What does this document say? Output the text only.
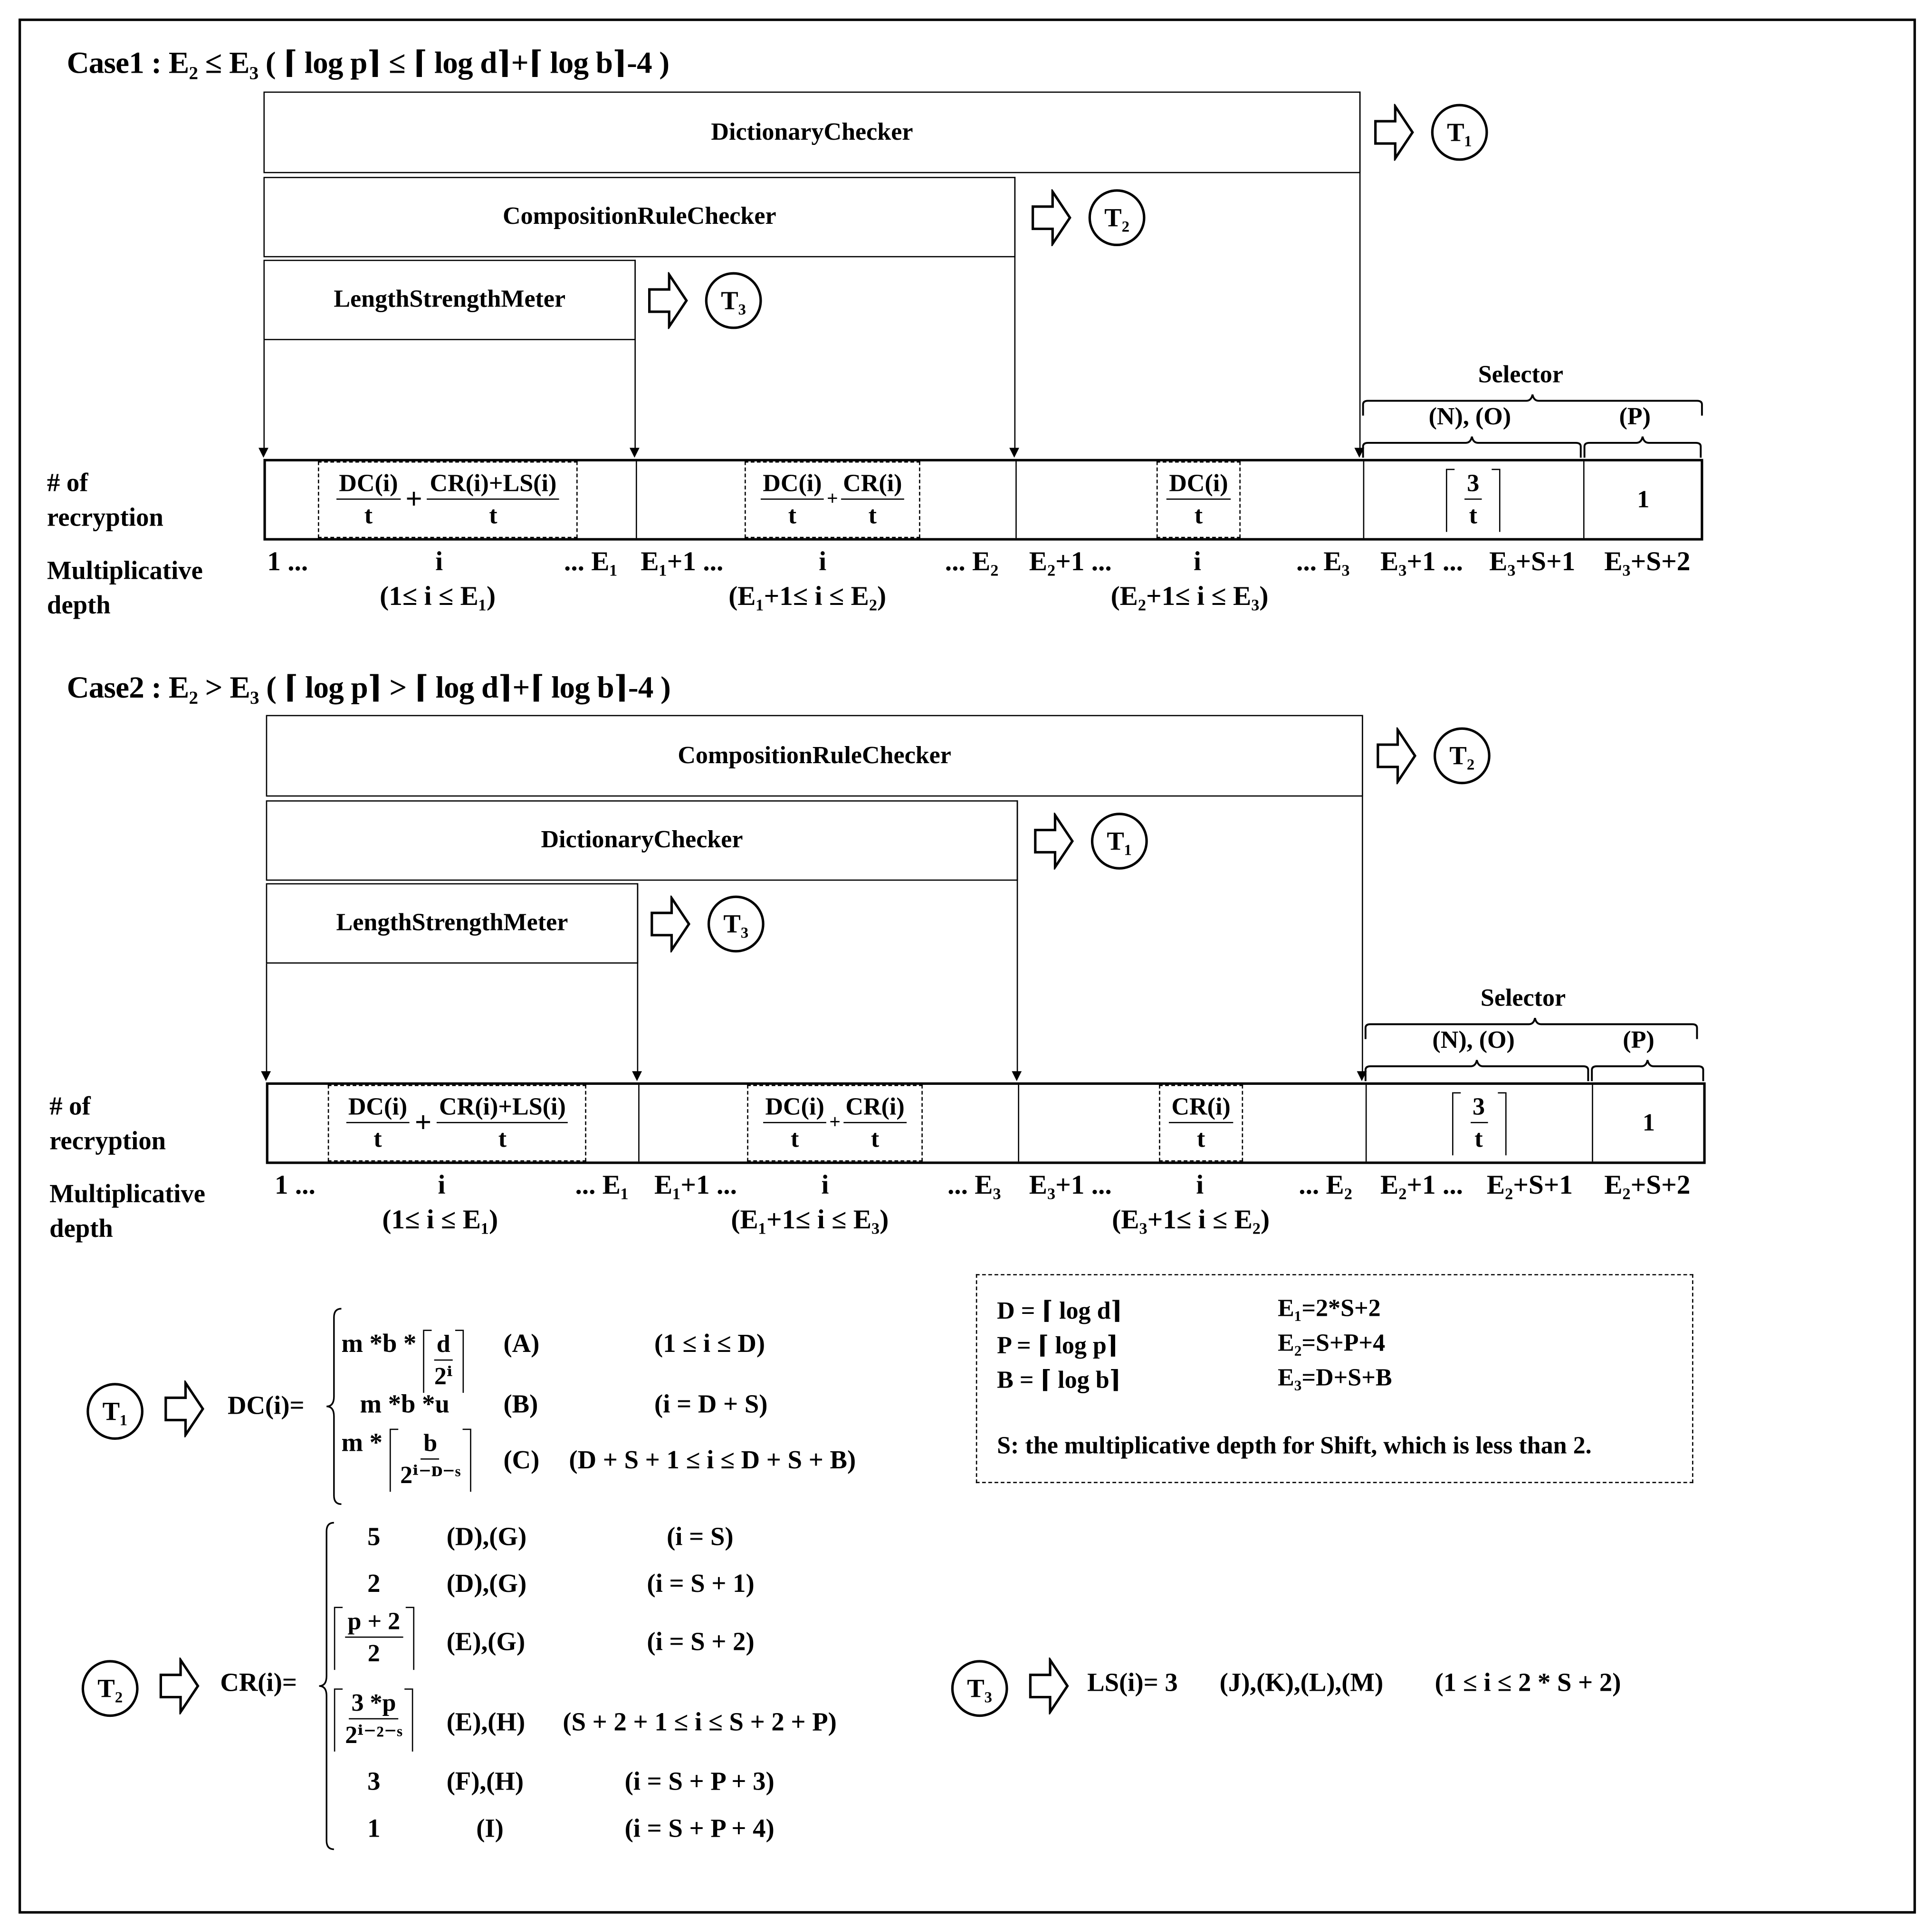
Case1 : E₂ ≤ E₃ ( ⌈ log p⌉ ≤ ⌈ log d⌉+⌈ log b⌉-4 )
DictionaryChecker
CompositionRuleChecker
LengthStrengthMeter
T₁
T₂
T₃
Selector
(N), (O)	(P)
# of
recryption
Multiplicative
depth
$\frac{DC(i)}{t} + \frac{CR(i)+LS(i)}{t}$	$\frac{DC(i)}{t} + \frac{CR(i)}{t}$	$\frac{DC(i)}{t}$	$\frac{3}{t}$	1
1 ...	i	... E₁
(1≤ i ≤ E₁)
E₁+1 ...	i	... E₂
(E₁+1≤ i ≤ E₂)
E₂+1 ...	i	... E₃
(E₂+1≤ i ≤ E₃)
E₃+1 ...	E₃+S+1	E₃+S+2
Case2 : E₂ > E₃ ( ⌈ log p⌉ > ⌈ log d⌉+⌈ log b⌉-4 )
CompositionRuleChecker
DictionaryChecker
LengthStrengthMeter
T₂
T₁
T₃
Selector
(N), (O)	(P)
# of
recryption
Multiplicative
depth
$\frac{DC(i)}{t} + \frac{CR(i)+LS(i)}{t}$	$\frac{DC(i)}{t} + \frac{CR(i)}{t}$	$\frac{CR(i)}{t}$	$\frac{3}{t}$	1
1 ...	i	... E₁
(1≤ i ≤ E₁)
E₁+1 ...	i	... E₃
(E₁+1≤ i ≤ E₃)
E₃+1 ...	i	... E₂
(E₃+1≤ i ≤ E₂)
E₂+1 ... E₂+S+1	E₂+S+2
D = ⌈ log d⌉
P = ⌈ log p⌉
B = ⌈ log b⌉
E₁=2*S+2
E₂=S+P+4
E₃=D+S+B
S: the multiplicative depth for Shift, which is less than 2.
T₁	DC(i)=
m $*b * \frac{d}{\text{2ⁱ}}$	(A)	(1 ≤ i ≤ D)
m *b *u	(B)	(i = D + S)
m * $\frac{b}{\text{2ⁱ⁻ᴰ⁻ˢ}}$	(C)	(D + S + 1 ≤ i ≤ D + S + B)
T₂	CR(i)=
5	(D),(G)	(i = S)
2	(D),(G)	(i = S + 1)
$\frac{p + 2}{2}$	(E),(G)	(i = S + 2)
$\frac{3 *p}{\text{2ⁱ⁻²⁻ˢ}}$	(E),(H)	(S + 2 + 1 ≤ i ≤ S + 2 + P)
3	(F),(H)	(i = S + P + 3)
1	(I)	(i = S + P + 4)
T₃	LS(i)= 3	(J),(K),(L),(M)	(1 ≤ i ≤ 2 * S + 2)
